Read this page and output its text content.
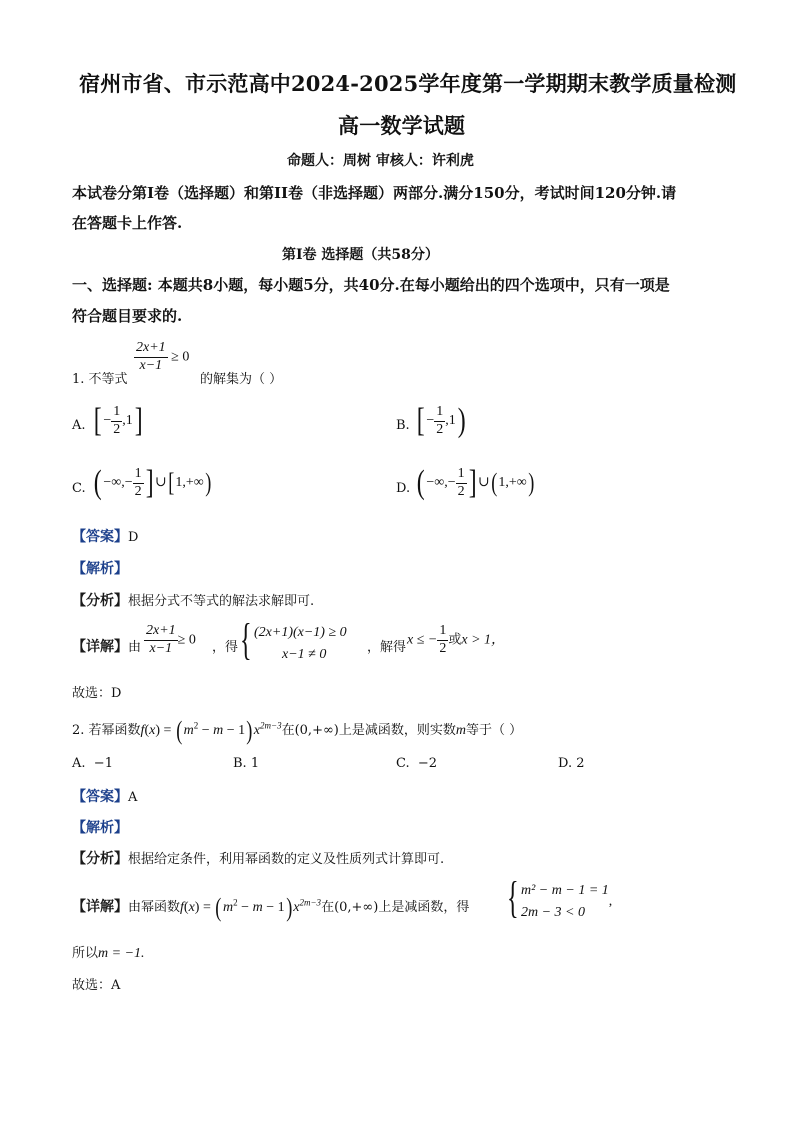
宿州市省、市示范高中2024-2025学年度第一学期期末教学质量检测
高一数学试题
命题人：周树 审核人：许利虎
本试卷分第I卷（选择题）和第II卷（非选择题）两部分.满分150分，考试时间120分钟.请
在答题卡上作答.
第I卷 选择题（共58分）
一、选择题: 本题共8小题，每小题5分，共40分.在每小题给出的四个选项中，只有一项是
符合题目要求的.
1. 不等式
$\frac{2x+1}{x-1} \ge 0$
的解集为（ ）
A. [ − $\frac{1}{2} ,1$]	B. [ − $\frac{1}{2} ,1$)
C. ( −∞,− $\frac{1}{2}$ ] ∪[1,+∞)	D. ( −∞,− $\frac{1}{2}$ ] ∪(1,+∞)
【答案】D
【解析】
【分析】根据分式不等式的解法求解即可.
【详解】由 $\frac{2x+1}{x-1} \ge 0$
，得 { (2x+1)(x−1) ≥ 0
x−1 ≠ 0	，解得
x ≤ − $\frac{1}{2}$ 或x > 1，
故选：D
2. 若幂函数$f(x) = (m^2 - m - 1)x^{2m-3}$在(0,+∞)上是减函数，则实数m等于（ ）
A. −1	B. 1	C. −2	D. 2
【答案】A
【解析】
【分析】根据给定条件，利用幂函数的定义及性质列式计算即可.
【详解】由幂函数$f(x) = (m^2 - m - 1)x^{2m-3}$在(0,+∞)上是减函数，得 { m² − m − 1 = 1
2m − 3 < 0
,
所以m = −1.
故选：A
